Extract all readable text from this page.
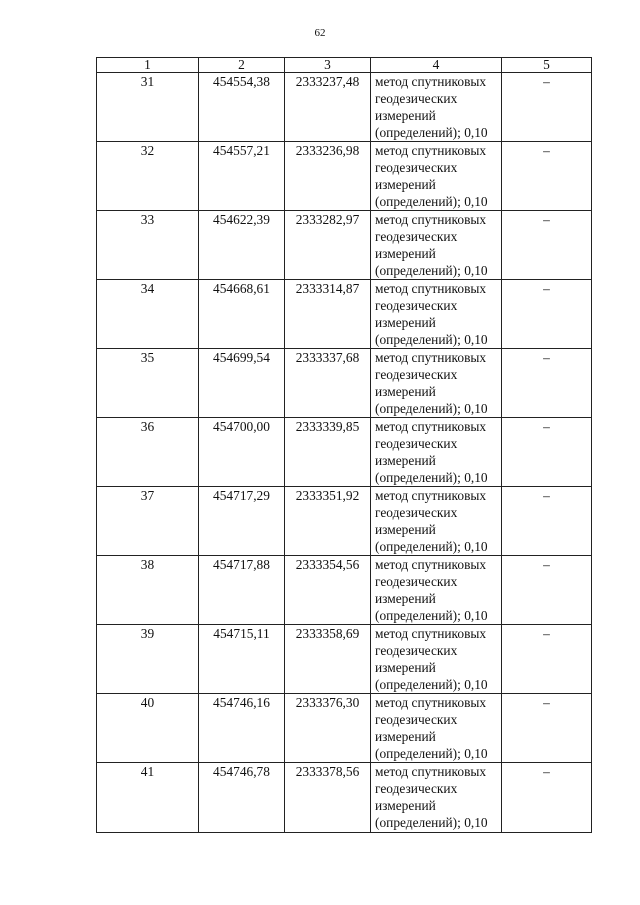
62
1	2	3	4	5
31	454554,38	2333237,48	метод спутниковых
геодезических
измерений
(определений); 0,10	–
32	454557,21	2333236,98	метод спутниковых
геодезических
измерений
(определений); 0,10	–
33	454622,39	2333282,97	метод спутниковых
геодезических
измерений
(определений); 0,10	–
34	454668,61	2333314,87	метод спутниковых
геодезических
измерений
(определений); 0,10	–
35	454699,54	2333337,68	метод спутниковых
геодезических
измерений
(определений); 0,10	–
36	454700,00	2333339,85	метод спутниковых
геодезических
измерений
(определений); 0,10	–
37	454717,29	2333351,92	метод спутниковых
геодезических
измерений
(определений); 0,10	–
38	454717,88	2333354,56	метод спутниковых
геодезических
измерений
(определений); 0,10	–
39	454715,11	2333358,69	метод спутниковых
геодезических
измерений
(определений); 0,10	–
40	454746,16	2333376,30	метод спутниковых
геодезических
измерений
(определений); 0,10	–
41	454746,78	2333378,56	метод спутниковых
геодезических
измерений
(определений); 0,10	–
